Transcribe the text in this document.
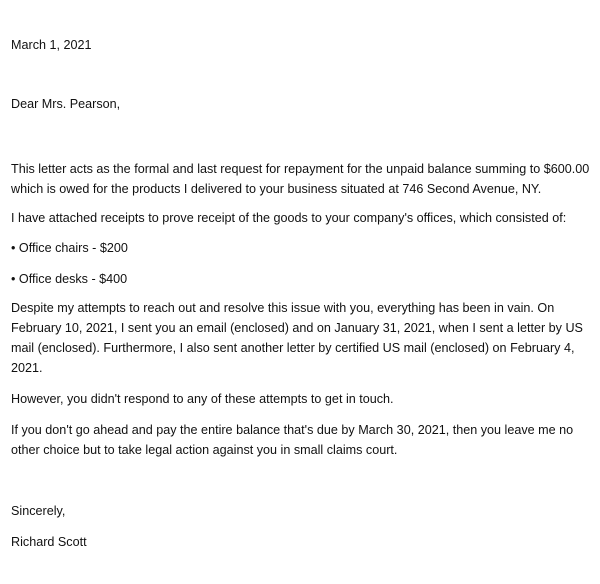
March 1, 2021

Dear Mrs. Pearson,

This letter acts as the formal and last request for repayment for the unpaid balance summing to $600.00
which is owed for the products I delivered to your business situated at 746 Second Avenue, NY.

I have attached receipts to prove receipt of the goods to your company's offices, which consisted of:

• Office chairs - $200

• Office desks - $400

Despite my attempts to reach out and resolve this issue with you, everything has been in vain. On
February 10, 2021, I sent you an email (enclosed) and on January 31, 2021, when I sent a letter by US
mail (enclosed). Furthermore, I also sent another letter by certified US mail (enclosed) on February 4,
2021.

However, you didn't respond to any of these attempts to get in touch.

If you don't go ahead and pay the entire balance that's due by March 30, 2021, then you leave me no
other choice but to take legal action against you in small claims court.

Sincerely,

Richard Scott
